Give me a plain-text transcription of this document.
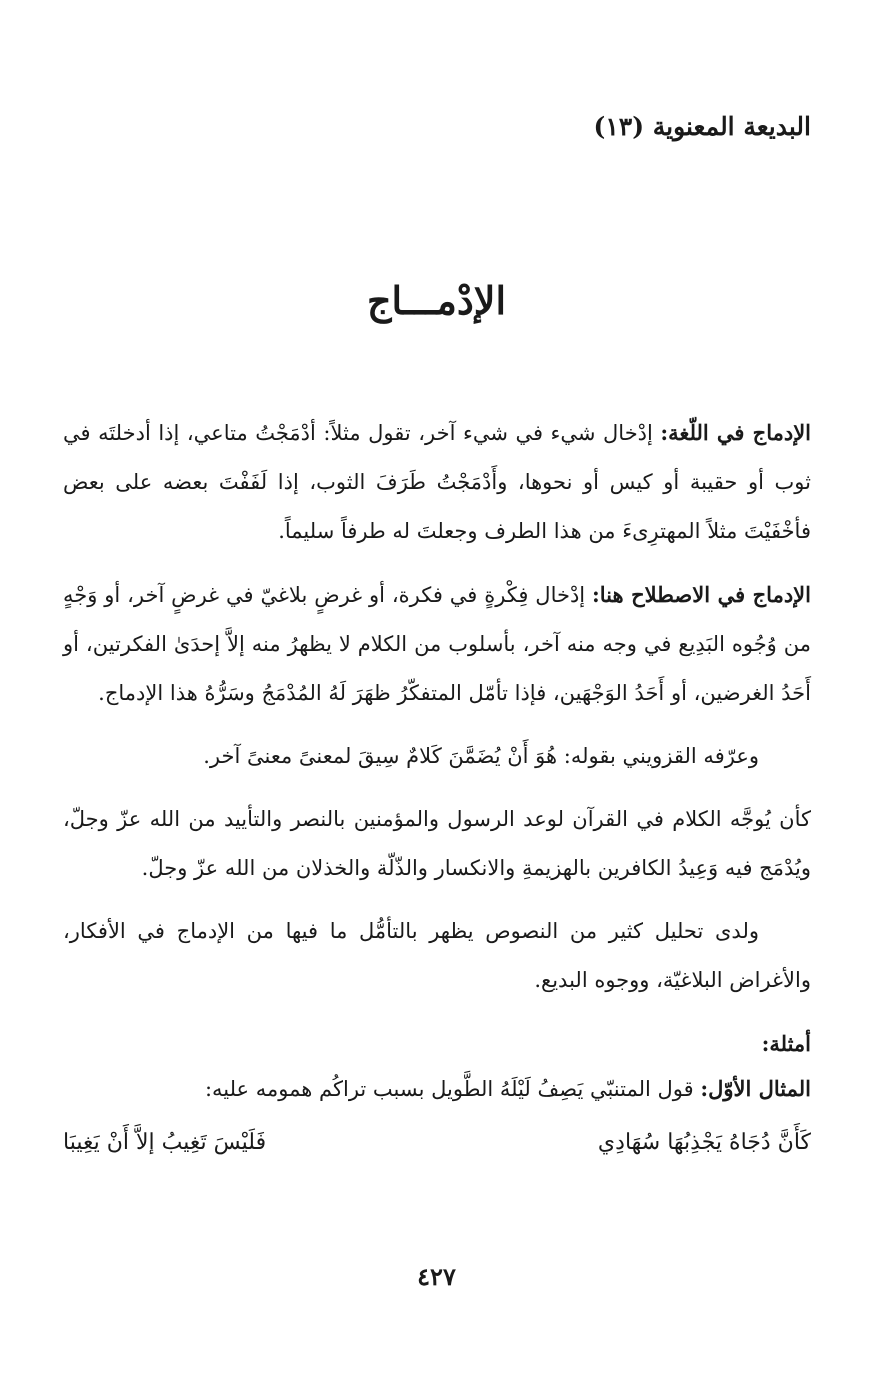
البديعة المعنوية (١٣)
الإدْمـــاج

الإدماج في اللّغة: إدْخال شيء في شيء آخر، تقول مثلاً: أدْمَجْتُ متاعي، إذا أدخلتَه في ثوب أو حقيبة أو كيس أو نحوها، وأَدْمَجْتُ طَرَفَ الثوب، إذا لَفَفْتَ بعضه على بعض فأخْفَيْتَ مثلاً المهترِىءَ من هذا الطرف وجعلتَ له طرفاً سليماً.

الإدماج في الاصطلاح هنا: إدْخال فِكْرةٍ في فكرة، أو غرضٍ بلاغيّ في غرضٍ آخر، أو وَجْهٍ من وُجُوه البَدِيع في وجه منه آخر، بأسلوب من الكلام لا يظهرُ منه إلاَّ إحدَىٰ الفكرتين، أو أَحَدُ الغرضين، أو أَحَدُ الوَجْهَين، فإذا تأمّل المتفكّرُ ظهَرَ لَهُ المُدْمَجُ وسَرُّهُ هذا الإدماج.

وعرّفه القزويني بقوله: هُوَ أَنْ يُضَمَّنَ كَلامٌ سِيقَ لمعنىً معنىً آخر.

كأن يُوجَّه الكلام في القرآن لوعد الرسول والمؤمنين بالنصر والتأييد من الله عزّ وجلّ، ويُدْمَج فيه وَعِيدُ الكافرين بالهزيمةِ والانكسار والذّلّة والخذلان من الله عزّ وجلّ.

ولدى تحليل كثير من النصوص يظهر بالتأمُّل ما فيها من الإدماج في الأفكار، والأغراض البلاغيّة، ووجوه البديع.

أمثلة:

المثال الأوّل: قول المتنبّي يَصِفُ لَيْلَهُ الطَّويل بسبب تراكُم همومه عليه:

كَأَنَّ دُجَاهُ يَجْذِبُهَا سُهَادِي
فَلَيْسَ تَغِيبُ إلاَّ أَنْ يَغِيبَا
٤٢٧
